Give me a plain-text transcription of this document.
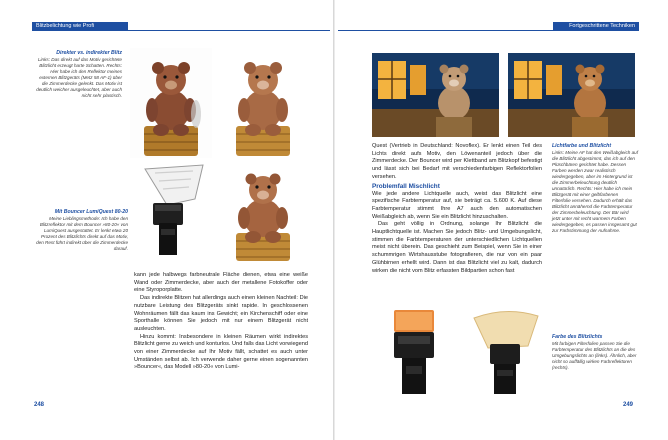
Blitzbelichtung wie Profi	Fortgeschrittene Techniken
Direkter vs. indirekter Blitz
Links: Das direkt auf das Motiv gerichtete Blitzlicht erzeugt harte Schatten. Rechts: Hier habe ich den Reflektor meines externen Blitzgeräts (Metz 58 AF-1) über die Zimmerdecke gelenkt. Das Motiv ist deutlich weicher ausgeleuchtet, aber auch nicht sehr plastisch.
Mit Bouncer LumiQuest 80-20
Meine Lieblingsmethode: Ich habe den Blitzreflektor mit dem Bouncer »80-20« von LumiQuest ausgestattet. Er lenkt etwa 20 Prozent des Blitzlichts direkt auf das Motiv, den Rest führt indirekt über die Zimmerdecke darauf.

kann jede halbwegs farbneutrale Fläche dienen, etwa eine weiße Wand oder Zimmerdecke, aber auch der metallene Fotokoffer oder eine Styroporplatte.

Das indirekte Blitzen hat allerdings auch einen kleinen Nachteil: Die nutzbare Leistung des Blitzgeräts sinkt rapide. In geschlossenen Wohnräumen fällt das kaum ins Gewicht; ein Kirchenschiff oder eine Sporthalle können Sie jedoch mit nur einem Blitzgerät nicht ausleuchten.

Hinzu kommt: Insbesondere in kleinen Räumen wirkt indirektes Blitzlicht gerne zu weich und konturlos. Und falls das Licht vorwiegend von einer Zimmerdecke auf Ihr Motiv fällt, schattet es auch unter Umständen selbst ab. Ich verwende daher gerne einen sogenannten »Bouncer«, das Modell »80-20« von Lumi-

248

Quest (Vertrieb in Deutschland: Novoflex). Er lenkt einen Teil des Lichts direkt aufs Motiv, den Löwenanteil jedoch über die Zimmerdecke. Der Bouncer wird per Klettband am Blitzkopf befestigt und lässt sich bei Bedarf mit verschiedenfarbigen Reflektorfolien versehen.

Problemfall Mischlicht

Wie jede andere Lichtquelle auch, weist das Blitzlicht eine spezifische Farbtemperatur auf, sie beträgt ca. 5.600 K. Auf diese Farbtemperatur stimmt Ihre A7 auch den automatischen Weißabgleich ab, wenn Sie ein Blitzlicht hinzuschalten.

Das geht völlig in Ordnung, solange Ihr Blitzlicht die Hauptlichtquelle ist. Machen Sie jedoch Blitz- und Umgebungslicht, stimmen die Farbtemperaturen der unterschiedlichen Lichtquellen meist nicht überein. Das geschieht zum Beispiel, wenn Sie in einer schummrigen Wirtshausstube fotografieren, die nur von ein paar Glühbirnen erhellt wird. Dann ist das Blitzlicht viel zu kalt, dadurch wirken die nicht vom Blitz erfassten Bildpartien schon fast

Lichtfarbe und Blitzlicht
Links: Meine AF hat den Weißabgleich auf die Blitzlicht abgestimmt, das ich auf den Plüschbären gerichtet habe. Dessen Farben werden zwar realistisch wiedergegeben, aber im Hintergrund ist die Zimmerbeleuchtung deutlich unnatürlich. Rechts: Hier habe ich mein Blitzgerät mit einer gelbfarbenen Filterfolie versehen. Dadurch erhält das Blitzlicht annähernd die Farbtemperatur der Zimmerbeleuchtung. Der Bär wird jetzt unter mit recht warmem Farben wiedergegeben, es passen insgesamt gut zur Farbstimmung der Aufnahme.
Farbe des Blitzlichts
Mit farbigen Filterfolien passen Sie die Farbtemperatur des Blitzlichts an die des Umgebungslichts an (links). Ähnlich, aber nicht so auffällig wirken Farbreflektoren (rechts).
249
